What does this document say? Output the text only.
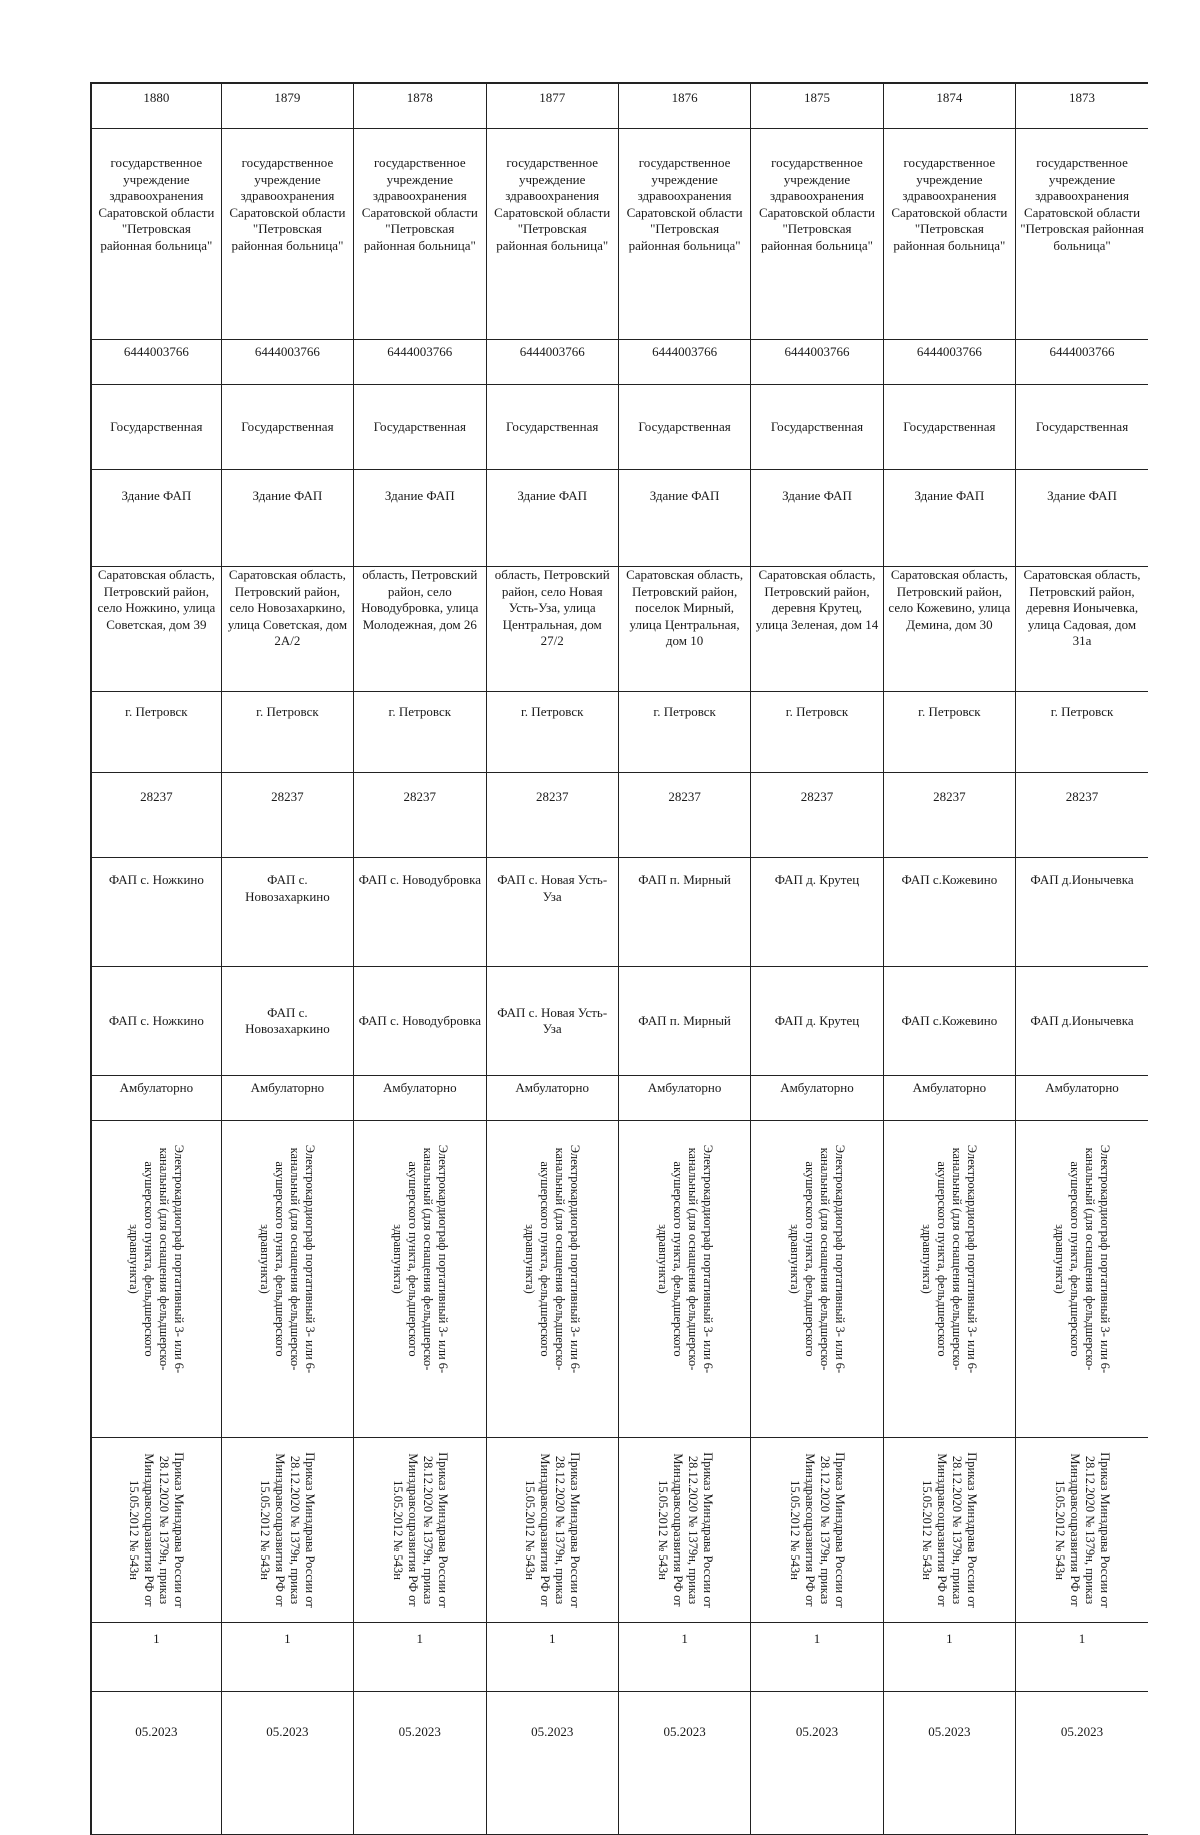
1880	1879	1878	1877	1876	1875	1874	1873
государственное учреждение здравоохранения Саратовской области "Петровская районная больница"	государственное учреждение здравоохранения Саратовской области "Петровская районная больница"	государственное учреждение здравоохранения Саратовской области "Петровская районная больница"	государственное учреждение здравоохранения Саратовской области "Петровская районная больница"	государственное учреждение здравоохранения Саратовской области "Петровская районная больница"	государственное учреждение здравоохранения Саратовской области "Петровская районная больница"	государственное учреждение здравоохранения Саратовской области "Петровская районная больница"	государственное учреждение здравоохранения Саратовской области "Петровская районная больница"
6444003766	6444003766	6444003766	6444003766	6444003766	6444003766	6444003766	6444003766
Государственная	Государственная	Государственная	Государственная	Государственная	Государственная	Государственная	Государственная
Здание ФАП	Здание ФАП	Здание ФАП	Здание ФАП	Здание ФАП	Здание ФАП	Здание ФАП	Здание ФАП
Саратовская область, Петровский район, село Ножкино, улица Советская, дом 39	Саратовская область, Петровский район, село Новозахаркино, улица Советская, дом 2А/2	область, Петровский район, село Новодубровка, улица Молодежная, дом 26	область, Петровский район, село Новая Усть-Уза, улица Центральная, дом 27/2	Саратовская область, Петровский район, поселок Мирный, улица Центральная, дом 10	Саратовская область, Петровский район, деревня Крутец, улица Зеленая, дом 14	Саратовская область, Петровский район, село Кожевино, улица Демина, дом 30	Саратовская область, Петровский район, деревня Ионычевка, улица Садовая, дом 31а
г. Петровск	г. Петровск	г. Петровск	г. Петровск	г. Петровск	г. Петровск	г. Петровск	г. Петровск
28237	28237	28237	28237	28237	28237	28237	28237
ФАП с. Ножкино	ФАП с. Новозахаркино	ФАП с. Новодубровка	ФАП с. Новая Усть-Уза	ФАП п. Мирный	ФАП д. Крутец	ФАП с.Кожевино	ФАП д.Ионычевка
ФАП с. Ножкино	ФАП с. Новозахаркино	ФАП с. Новодубровка	ФАП с. Новая Усть-Уза	ФАП п. Мирный	ФАП д. Крутец	ФАП с.Кожевино	ФАП д.Ионычевка
Амбулаторно	Амбулаторно	Амбулаторно	Амбулаторно	Амбулаторно	Амбулаторно	Амбулаторно	Амбулаторно

Электрокардиограф портативный 3- или 6-канальный (для оснащения фельдшерско-акушерского пункта, фельдшерского здравпункта)	Электрокардиограф портативный 3- или 6-канальный (для оснащения фельдшерско-акушерского пункта, фельдшерского здравпункта)	Электрокардиограф портативный 3- или 6-канальный (для оснащения фельдшерско-акушерского пункта, фельдшерского здравпункта)	Электрокардиограф портативный 3- или 6-канальный (для оснащения фельдшерско-акушерского пункта, фельдшерского здравпункта)	Электрокардиограф портативный 3- или 6-канальный (для оснащения фельдшерско-акушерского пункта, фельдшерского здравпункта)	Электрокардиограф портативный 3- или 6-канальный (для оснащения фельдшерско-акушерского пункта, фельдшерского здравпункта)	Электрокардиограф портативный 3- или 6-канальный (для оснащения фельдшерско-акушерского пункта, фельдшерского здравпункта)	Электрокардиограф портативный 3- или 6-канальный (для оснащения фельдшерско-акушерского пункта, фельдшерского здравпункта)

Приказ Минздрава России от 28.12.2020 № 1379н, приказ Минздравсоцразвития РФ от 15.05.2012 № 543н	Приказ Минздрава России от 28.12.2020 № 1379н, приказ Минздравсоцразвития РФ от 15.05.2012 № 543н	Приказ Минздрава России от 28.12.2020 № 1379н, приказ Минздравсоцразвития РФ от 15.05.2012 № 543н	Приказ Минздрава России от 28.12.2020 № 1379н, приказ Минздравсоцразвития РФ от 15.05.2012 № 543н	Приказ Минздрава России от 28.12.2020 № 1379н, приказ Минздравсоцразвития РФ от 15.05.2012 № 543н	Приказ Минздрава России от 28.12.2020 № 1379н, приказ Минздравсоцразвития РФ от 15.05.2012 № 543н	Приказ Минздрава России от 28.12.2020 № 1379н, приказ Минздравсоцразвития РФ от 15.05.2012 № 543н	Приказ Минздрава России от 28.12.2020 № 1379н, приказ Минздравсоцразвития РФ от 15.05.2012 № 543н

1	1	1	1	1	1	1	1
05.2023	05.2023	05.2023	05.2023	05.2023	05.2023	05.2023	05.2023
